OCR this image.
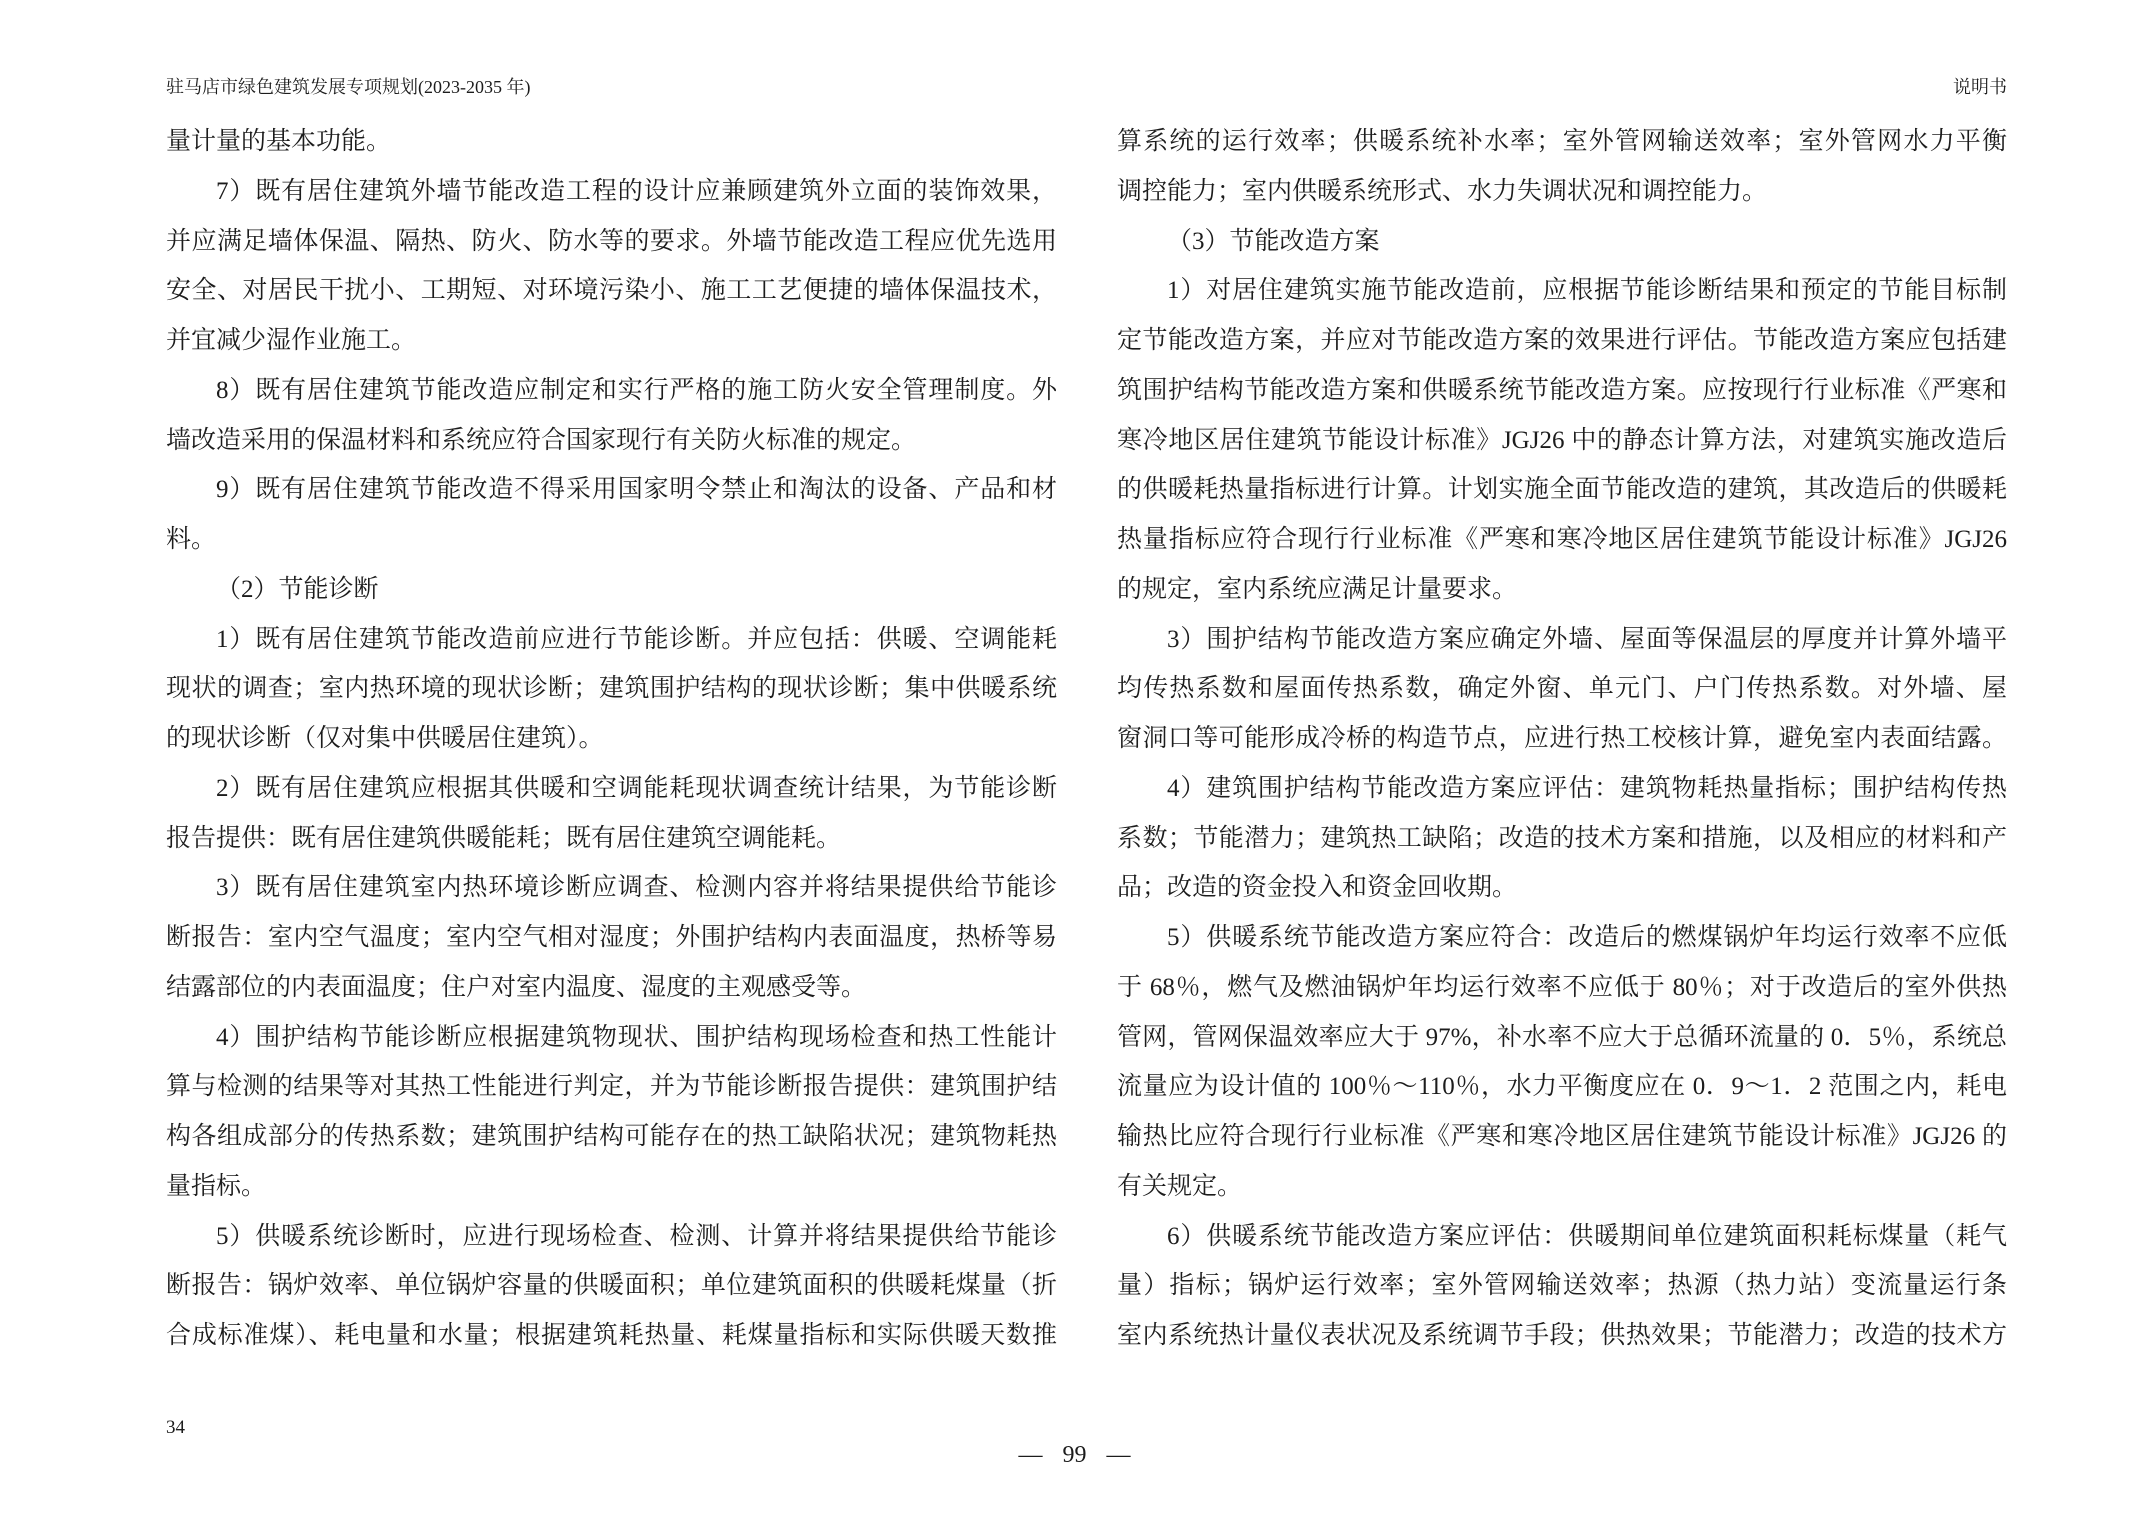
驻马店市绿色建筑发展专项规划(2023-2035 年)	说明书
量计量的基本功能。
7）既有居住建筑外墙节能改造工程的设计应兼顾建筑外立面的装饰效果，
并应满足墙体保温、隔热、防火、防水等的要求。外墙节能改造工程应优先选用
安全、对居民干扰小、工期短、对环境污染小、施工工艺便捷的墙体保温技术，
并宜减少湿作业施工。
8）既有居住建筑节能改造应制定和实行严格的施工防火安全管理制度。外
墙改造采用的保温材料和系统应符合国家现行有关防火标准的规定。
9）既有居住建筑节能改造不得采用国家明令禁止和淘汰的设备、产品和材
料。
（2）节能诊断
1）既有居住建筑节能改造前应进行节能诊断。并应包括：供暖、空调能耗
现状的调查；室内热环境的现状诊断；建筑围护结构的现状诊断；集中供暖系统
的现状诊断（仅对集中供暖居住建筑）。
2）既有居住建筑应根据其供暖和空调能耗现状调查统计结果，为节能诊断
报告提供：既有居住建筑供暖能耗；既有居住建筑空调能耗。
3）既有居住建筑室内热环境诊断应调查、检测内容并将结果提供给节能诊
断报告：室内空气温度；室内空气相对湿度；外围护结构内表面温度，热桥等易
结露部位的内表面温度；住户对室内温度、湿度的主观感受等。
4）围护结构节能诊断应根据建筑物现状、围护结构现场检查和热工性能计
算与检测的结果等对其热工性能进行判定，并为节能诊断报告提供：建筑围护结
构各组成部分的传热系数；建筑围护结构可能存在的热工缺陷状况；建筑物耗热
量指标。
5）供暖系统诊断时，应进行现场检查、检测、计算并将结果提供给节能诊
断报告：锅炉效率、单位锅炉容量的供暖面积；单位建筑面积的供暖耗煤量（折
合成标准煤）、耗电量和水量；根据建筑耗热量、耗煤量指标和实际供暖天数推
算系统的运行效率；供暖系统补水率；室外管网输送效率；室外管网水力平衡
调控能力；室内供暖系统形式、水力失调状况和调控能力。
（3）节能改造方案
1）对居住建筑实施节能改造前，应根据节能诊断结果和预定的节能目标制
定节能改造方案，并应对节能改造方案的效果进行评估。节能改造方案应包括建
筑围护结构节能改造方案和供暖系统节能改造方案。应按现行行业标准《严寒和
寒冷地区居住建筑节能设计标准》JGJ26 中的静态计算方法，对建筑实施改造后
的供暖耗热量指标进行计算。计划实施全面节能改造的建筑，其改造后的供暖耗
热量指标应符合现行行业标准《严寒和寒冷地区居住建筑节能设计标准》JGJ26
的规定，室内系统应满足计量要求。
3）围护结构节能改造方案应确定外墙、屋面等保温层的厚度并计算外墙平
均传热系数和屋面传热系数，确定外窗、单元门、户门传热系数。对外墙、屋
窗洞口等可能形成冷桥的构造节点，应进行热工校核计算，避免室内表面结露。
4）建筑围护结构节能改造方案应评估：建筑物耗热量指标；围护结构传热
系数；节能潜力；建筑热工缺陷；改造的技术方案和措施，以及相应的材料和产
品；改造的资金投入和资金回收期。
5）供暖系统节能改造方案应符合：改造后的燃煤锅炉年均运行效率不应低
于 68％，燃气及燃油锅炉年均运行效率不应低于 80％；对于改造后的室外供热
管网，管网保温效率应大于 97%，补水率不应大于总循环流量的 0．5％，系统总
流量应为设计值的 100％～110％，水力平衡度应在 0．9～1．2 范围之内，耗电
输热比应符合现行行业标准《严寒和寒冷地区居住建筑节能设计标准》JGJ26 的
有关规定。
6）供暖系统节能改造方案应评估：供暖期间单位建筑面积耗标煤量（耗气
量）指标；锅炉运行效率；室外管网输送效率；热源（热力站）变流量运行条
室内系统热计量仪表状况及系统调节手段；供热效果；节能潜力；改造的技术方
34
— 99 —
